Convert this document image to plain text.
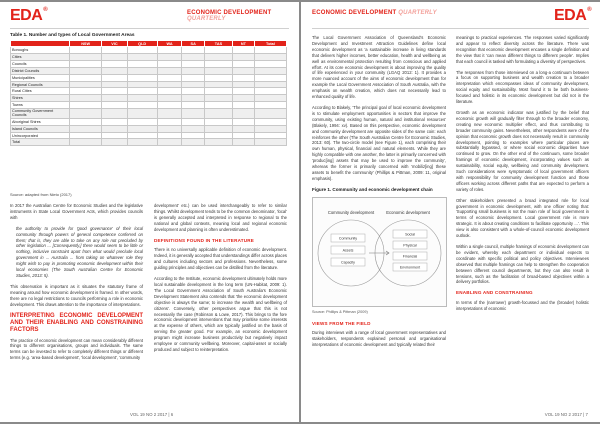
EDA®	ECONOMIC DEVELOPMENT QUARTERLY
Table 1. Number and types of Local Government Areas
	NSW	VIC	QLD	WA	SA	TAS	NT	Total
Boroughs								
Cities								
Councils								
District Councils								
Municipalities								
Regional Councils								
Rural Cities								
Shires								
Towns								
Community Government Councils								
Aboriginal Shires								
Island Councils								
Unincorporated								
Total								
Source: adapted from Nieto (2017)

In 2017 the Australian Centre for Economic Studies and the legislative instruments in State Local Government Acts, which provides councils with

the authority to provide for 'good governance' of their local community through powers of general competence conferred on them; that is, they are able to take on any role not precluded by other legislation ... [Consequently,] there would seem to be little or nothing, inclusive constraint apart from what would preclude local government in ... Australia ... from taking on whatever role they might wish to pay in promoting economic development within their local economies (The South Australian Centre for Economic Studies, 2013: 5).

This observation is important as it situates the statutory frame of meaning around how economic development is framed. In other words, there are no legal restrictions to councils performing a role in economic development. This draws attention to the importance of interpretations.

INTERPRETING ECONOMIC DEVELOPMENT AND THEIR ENABLING AND CONSTRAINING FACTORS

The practice of economic development can mean considerably different things to different organisations, groups and individuals. The same terms can be invested to refer to completely different things or different terms (e.g. 'area-based development', 'local development', 'community

development' etc.) can be used interchangeably to refer to similar things. Whilst development tends to be the common denominator, 'local' is generally accepted and interpreted in response to regional to the national and global contexts, meaning local and regional economic development and planning is often underestimated.

DEFINITIONS FOUND IN THE LITERATURE

There is no universally applicable definition of economic development. Indeed, it is generally accepted that understandings differ across places and cultures including sectors and professions. Nevertheless, some guiding principles and objectives can be distilled from the literature.

According to the Institute, economic development ultimately holds more local sustainable development in the long term (UN-Habitat, 2009: 1). The Local Government Association of South Australia's Economic Development Statement also contends that 'the economic development objective is always the same; to increase the wealth and wellbeing of citizens'. Conversely, other perspectives argue that this is not necessarily the case (Robinson & Lowe, 2017). This brings to the fore economic development interventions that may prioritise some interests at the expense of others, which are typically justified on the basis of serving the greater good. For example, an economic development program might increase business productivity but negatively impact employee or community wellbeing. Moreover, capital-asset or socially produced and subject to reinterpretation.

VOL 19 NO 2 2017 | 6
ECONOMIC DEVELOPMENT QUARTERLY	EDA®

The Local Government Association of Queensland's Economic Development and Investment Attraction Guidelines define local economic development as 'a sustainable increase in living standards that delivers higher incomes, better education, health and wellbeing as well as environmental protection resulting from conscious and applied effort. At its core economic development is about improving the quality of life experienced in your community (LGAQ 2012: 1). It provides a more nuanced account of the aims of economic development than for example the Local Government Association of South Australia, with the emphasis on wealth creation, which does not necessarily lead to enhanced quality of life.

According to Blakely, 'The principal goal of local economic development is to stimulate employment opportunities in sectors that improve the community, using existing human, natural and institutional resources' (Blakely, 1994: xv). Based on this perspective, economic development and community development are opposite sides of the same coin: each reinforces the other (The South Australian Centre for Economic Studies, 2013: 60). The two-circle model (see Figure 1), each comprising their own human, physical, financial and natural elements. While they are highly compatible with one another, the latter is primarily concerned with 'produc[ing] assets that may be used to improve the community', whereas the former is primarily concerned with 'mobiliz[ing] these assets to benefit the community' (Phillips & Pittman, 2009: 11, original emphasis).

Figure 1. Community and economic development chain
Community development	Economic development
Community
Assets
Capacity
Social
Physical
Financial
Environment
Source: Phillips & Pittman (2009)
VIEWS FROM THE FIELD

During interviews with a range of local government representatives and stakeholders, respondents explained personal and organisational interpretations of economic development and typically related their

meanings to practical experiences. The responses varied significantly and appear to reflect diversity across the literature. There was recognition that economic development encases a single definition and the view that it 'can mean different things to different people'. Implies that each council is tasked with formulating a diversity of perspectives.

The responses from those interviewed on a long-a continuum between a focus on supporting business and wealth creation to a broader interpretation which encompasses ideas of community development, social equity and sustainability. Most found it to be both business-focused and holistic in its economic development but did not in the literature.

Growth as an economic indicator was justified by the belief that economic growth will gradually filter through to the broader economy, creating new economic multiplier effect, and thus contributing to broader community gains. Nevertheless, other respondents were of the opinion that economic growth does not necessarily result in community development, pointing to examples where particular places are substantially bypassed, or where social economic disparities have continued to grow. On the other end of the continuum, some broader framings of economic development, incorporating values such as sustainability, social equity, wellbeing and community development. Such considerations were symptomatic of local government officers with responsibility for community development function and those officers working across different paths that are expected to perform a variety of roles.

Other stakeholders presented a broad integrated role for local government in economic development, with one officer noting that: 'Supporting small business is not the main role of local government in terms of economic development. Local government role is more strategic. It is about creating conditions to facilitate opportunity ...'. This view is also consistent with a whole-of-council economic development outlook.

Within a single council, multiple framings of economic development can be evident, whereby each department or individual expects to coordinate with specific political and policy objectives. Interviewees observed that multiple framings can help to strengthen the cooperation between different council departments, but they can also result in tensions, such as the facilitation of broad-based objectives within a delivery portfolios.

ENABLING AND CONSTRAINING

In terms of the (narrower) growth-focussed and the (broader) holistic interpretations of economic

VOL 19 NO 2 2017 | 7
